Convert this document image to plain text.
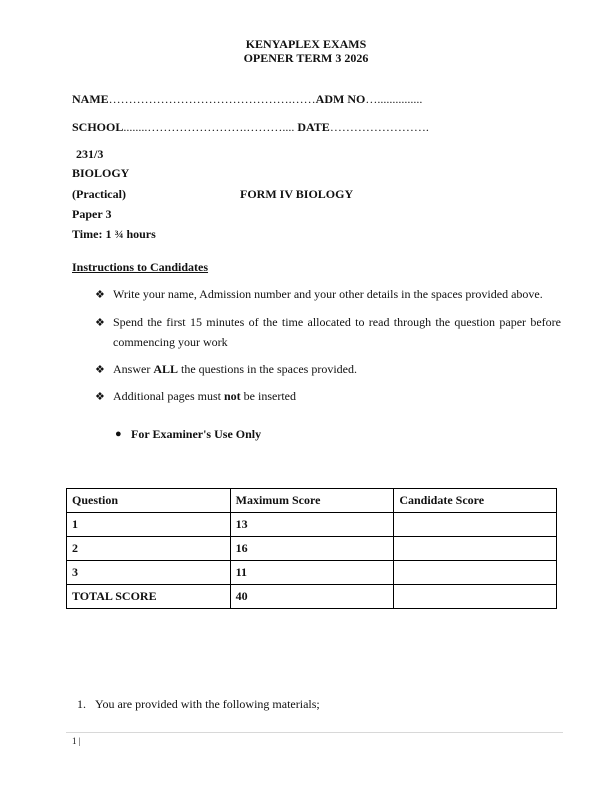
KENYAPLEX EXAMS
OPENER TERM 3 2026
NAME……………………………………….……ADM NO…...............
SCHOOL........…………………….……….... DATE…………………….
231/3
BIOLOGY
(Practical)	FORM IV BIOLOGY
Paper 3
Time: 1 ¾ hours
Instructions to Candidates
❖ Write your name, Admission number and your other details in the spaces provided above.
❖ Spend the first 15 minutes of the time allocated to read through the question paper before
commencing your work
❖ Answer ALL the questions in the spaces provided.
❖ Additional pages must not be inserted
● For Examiner's Use Only
Question	Maximum Score	Candidate Score
1	13	
2	16	
3	11	
TOTAL SCORE	40	
1. You are provided with the following materials;
1 |
